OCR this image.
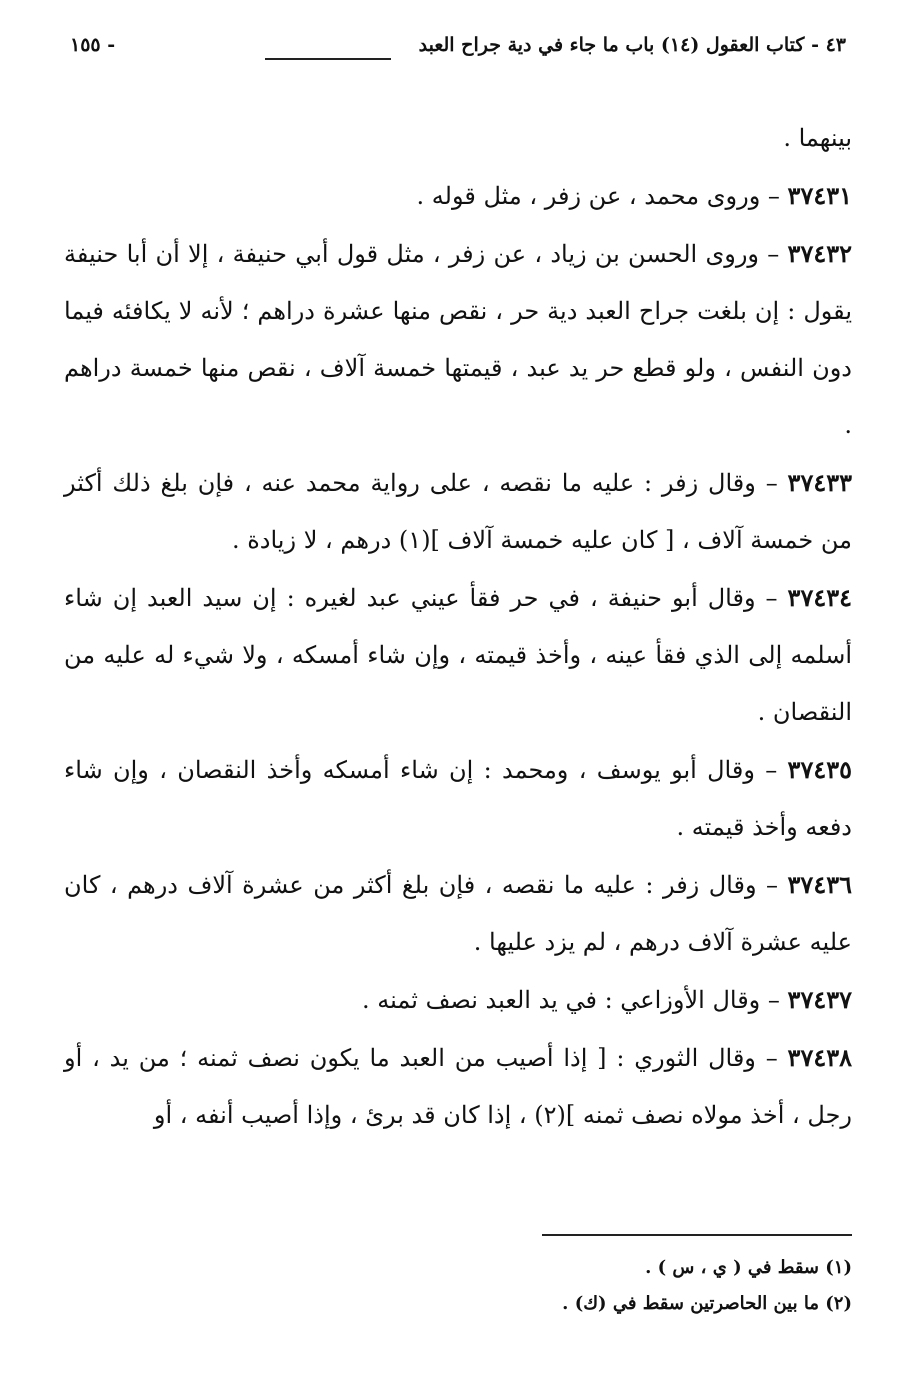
٤٣ - كتاب العقول (١٤) باب ما جاء في دية جراح العبد
١٥٥ -

بينهما .

٣٧٤٣١ – وروى محمد ، عن زفر ، مثل قوله .

٣٧٤٣٢ – وروى الحسن بن زياد ، عن زفر ، مثل قول أبي حنيفة ، إلا أن أبا حنيفة يقول : إن بلغت جراح العبد دية حر ، نقص منها عشرة دراهم ؛ لأنه لا يكافئه فيما دون النفس ، ولو قطع حر يد عبد ، قيمتها خمسة آلاف ، نقص منها خمسة دراهم .

٣٧٤٣٣ – وقال زفر : عليه ما نقصه ، على رواية محمد عنه ، فإن بلغ ذلك أكثر من خمسة آلاف ، [ كان عليه خمسة آلاف ](١) درهم ، لا زيادة .

٣٧٤٣٤ – وقال أبو حنيفة ، في حر فقأ عيني عبد لغيره : إن سيد العبد إن شاء أسلمه إلى الذي فقأ عينه ، وأخذ قيمته ، وإن شاء أمسكه ، ولا شيء له عليه من النقصان .

٣٧٤٣٥ – وقال أبو يوسف ، ومحمد : إن شاء أمسكه وأخذ النقصان ، وإن شاء دفعه وأخذ قيمته .

٣٧٤٣٦ – وقال زفر : عليه ما نقصه ، فإن بلغ أكثر من عشرة آلاف درهم ، كان عليه عشرة آلاف درهم ، لم يزد عليها .

٣٧٤٣٧ – وقال الأوزاعي : في يد العبد نصف ثمنه .

٣٧٤٣٨ – وقال الثوري : [ إذا أصيب من العبد ما يكون نصف ثمنه ؛ من يد ، أو رجل ، أخذ مولاه نصف ثمنه ](٢) ، إذا كان قد برئ ، وإذا أصيب أنفه ، أو

(١) سقط في ( ي ، س ) .

(٢) ما بين الحاصرتين سقط في (ك) .
